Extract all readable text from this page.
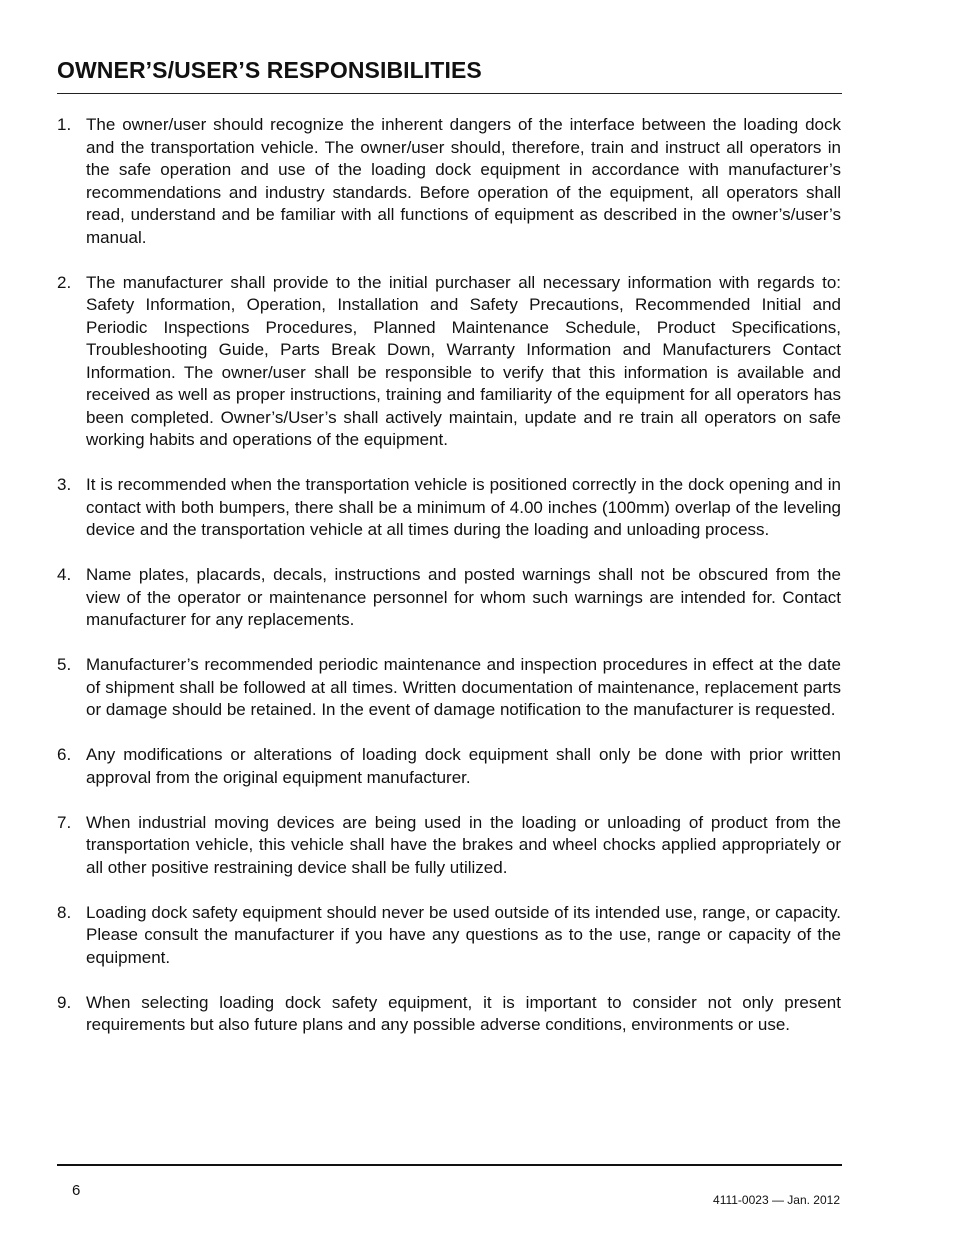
OWNER’S/USER’S RESPONSIBILITIES
1. The owner/user should recognize the inherent dangers of the interface between the loading dock and the transportation vehicle. The owner/user should, therefore, train and instruct all operators in the safe operation and use of the loading dock equipment in accordance with manufacturer’s recommendations and industry standards. Before operation of the equipment, all operators shall read, understand and be familiar with all functions of equipment as described in the owner’s/user’s manual.
2. The manufacturer shall provide to the initial purchaser all necessary information with regards to: Safety Information, Operation, Installation and Safety Precautions, Recommended Initial and Periodic Inspections Procedures, Planned Maintenance Schedule, Product Specifications, Troubleshooting Guide, Parts Break Down, Warranty Information and Manufacturers Contact Information. The owner/user shall be responsible to verify that this information is available and received as well as proper instructions, training and familiarity of the equipment for all operators has been completed. Owner’s/User’s shall actively maintain, update and re train all operators on safe working habits and operations of the equipment.
3. It is recommended when the transportation vehicle is positioned correctly in the dock opening and in contact with both bumpers, there shall be a minimum of 4.00 inches (100mm) overlap of the leveling device and the transportation vehicle at all times during the loading and unloading process.
4. Name plates, placards, decals, instructions and posted warnings shall not be obscured from the view of the operator or maintenance personnel for whom such warnings are intended for. Contact manufacturer for any replacements.
5. Manufacturer’s recommended periodic maintenance and inspection procedures in effect at the date of shipment shall be followed at all times. Written documentation of maintenance, replacement parts or damage should be retained. In the event of damage notification to the manufacturer is requested.
6. Any modifications or alterations of loading dock equipment shall only be done with prior written approval from the original equipment manufacturer.
7. When industrial moving devices are being used in the loading or unloading of product from the transportation vehicle, this vehicle shall have the brakes and wheel chocks applied appropriately or all other positive restraining device shall be fully utilized.
8. Loading dock safety equipment should never be used outside of its intended use, range, or capacity. Please consult the manufacturer if you have any questions as to the use, range or capacity of the equipment.
9. When selecting loading dock safety equipment, it is important to consider not only present requirements but also future plans and any possible adverse conditions, environments or use.
6
4111-0023 — Jan. 2012
